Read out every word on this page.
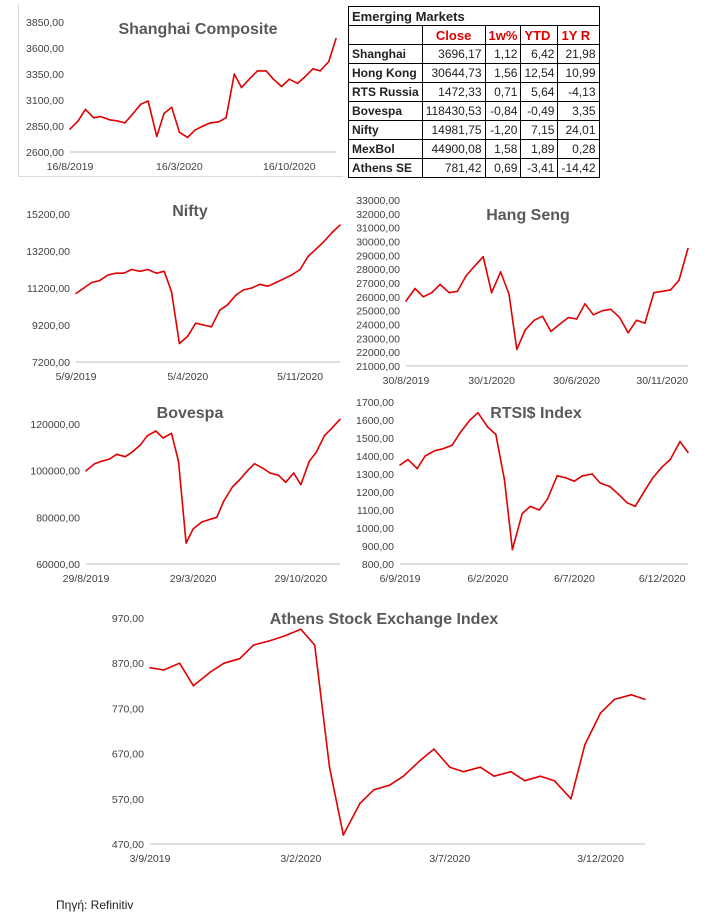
Shanghai Composite
3850,00
3600,00
3350,00
3100,00
2850,00
2600,00
16/8/2019	16/3/2020	16/10/2020
Emerging Markets				
	Close	1w%	YTD	1Y R
Shanghai	3696,17	1,12	6,42	21,98
Hong Kong	30644,73	1,56	12,54	10,99
RTS Russia	1472,33	0,71	5,64	-4,13
Bovespa	118430,53	-0,84	-0,49	3,35
Nifty	14981,75	-1,20	7,15	24,01
MexBol	44900,08	1,58	1,89	0,28
Athens SE	781,42	0,69	-3,41	-14,42
Nifty
15200,00
13200,00
11200,00
9200,00
7200,00
5/9/2019	5/4/2020	5/11/2020
Hang Seng
33000,00
32000,00
31000,00
30000,00
29000,00
28000,00
27000,00
26000,00
25000,00
24000,00
23000,00
22000,00
21000,00
30/8/2019	30/1/2020	30/6/2020	30/11/2020
Bovespa
120000,00
100000,00
80000,00
60000,00
29/8/2019	29/3/2020	29/10/2020
RTSI$ Index
1700,00
1600,00
1500,00
1400,00
1300,00
1200,00
1100,00
1000,00
900,00
800,00
6/9/2019	6/2/2020	6/7/2020	6/12/2020
Athens Stock Exchange Index
970,00
870,00
770,00
670,00
570,00
470,00
3/9/2019	3/2/2020	3/7/2020	3/12/2020
Πηγή: Refinitiv
